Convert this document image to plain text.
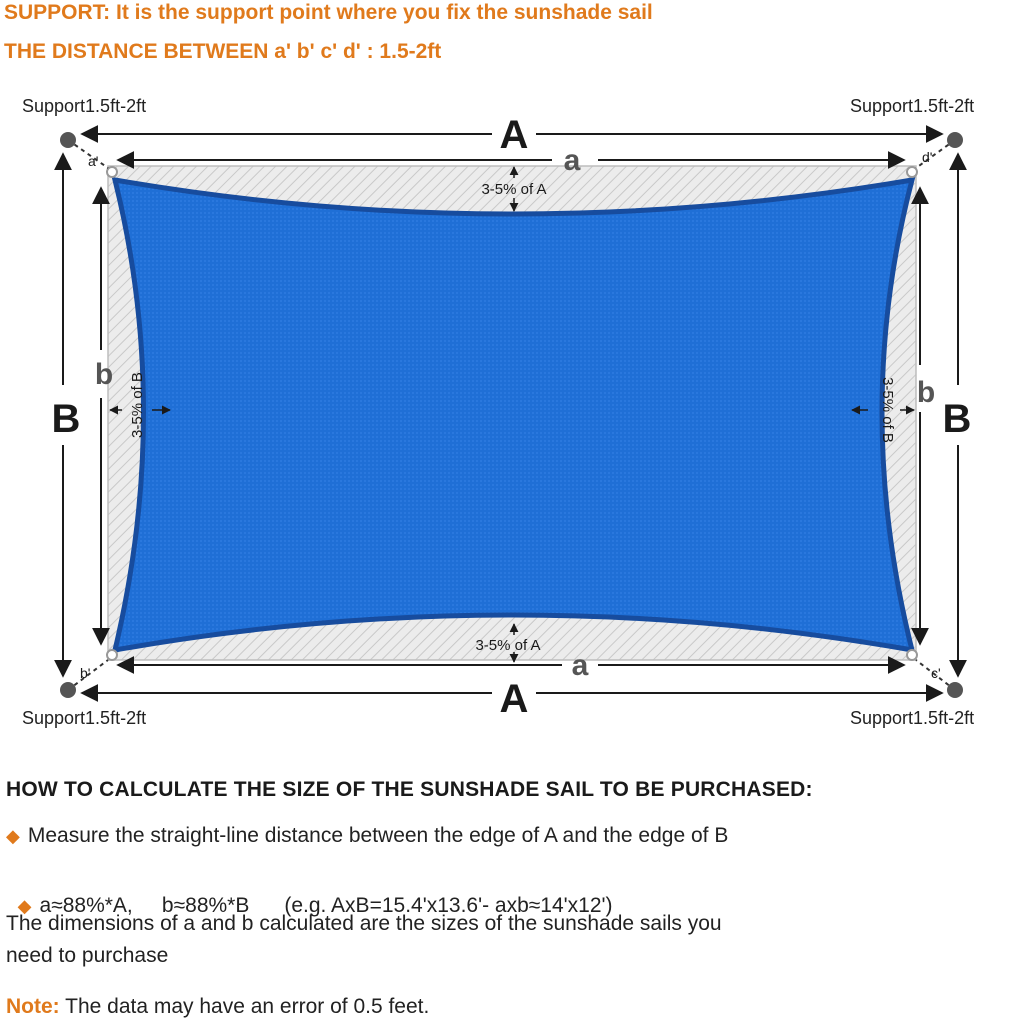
SUPPORT: It is the support point where you fix the sunshade sail
THE DISTANCE BETWEEN a' b' c' d' : 1.5-2ft
A
A
B	B
a
a
b
b
3-5% of A
3-5% of A
3-5% of B	3-5% of B
a'
b'	c'
d'
Support1.5ft-2ft	Support1.5ft-2ft
Support1.5ft-2ft	Support1.5ft-2ft
HOW TO CALCULATE THE SIZE OF THE SUNSHADE SAIL TO BE PURCHASED:
◆ Measure the straight-line distance between the edge of A and the edge of B

◆ a≈88%*A,     b≈88%*B      (e.g. AxB=15.4'x13.6'- axb≈14'x12')

The dimensions of a and b calculated are the sizes of the sunshade sails you
need to purchase
Note: The data may have an error of 0.5 feet.
